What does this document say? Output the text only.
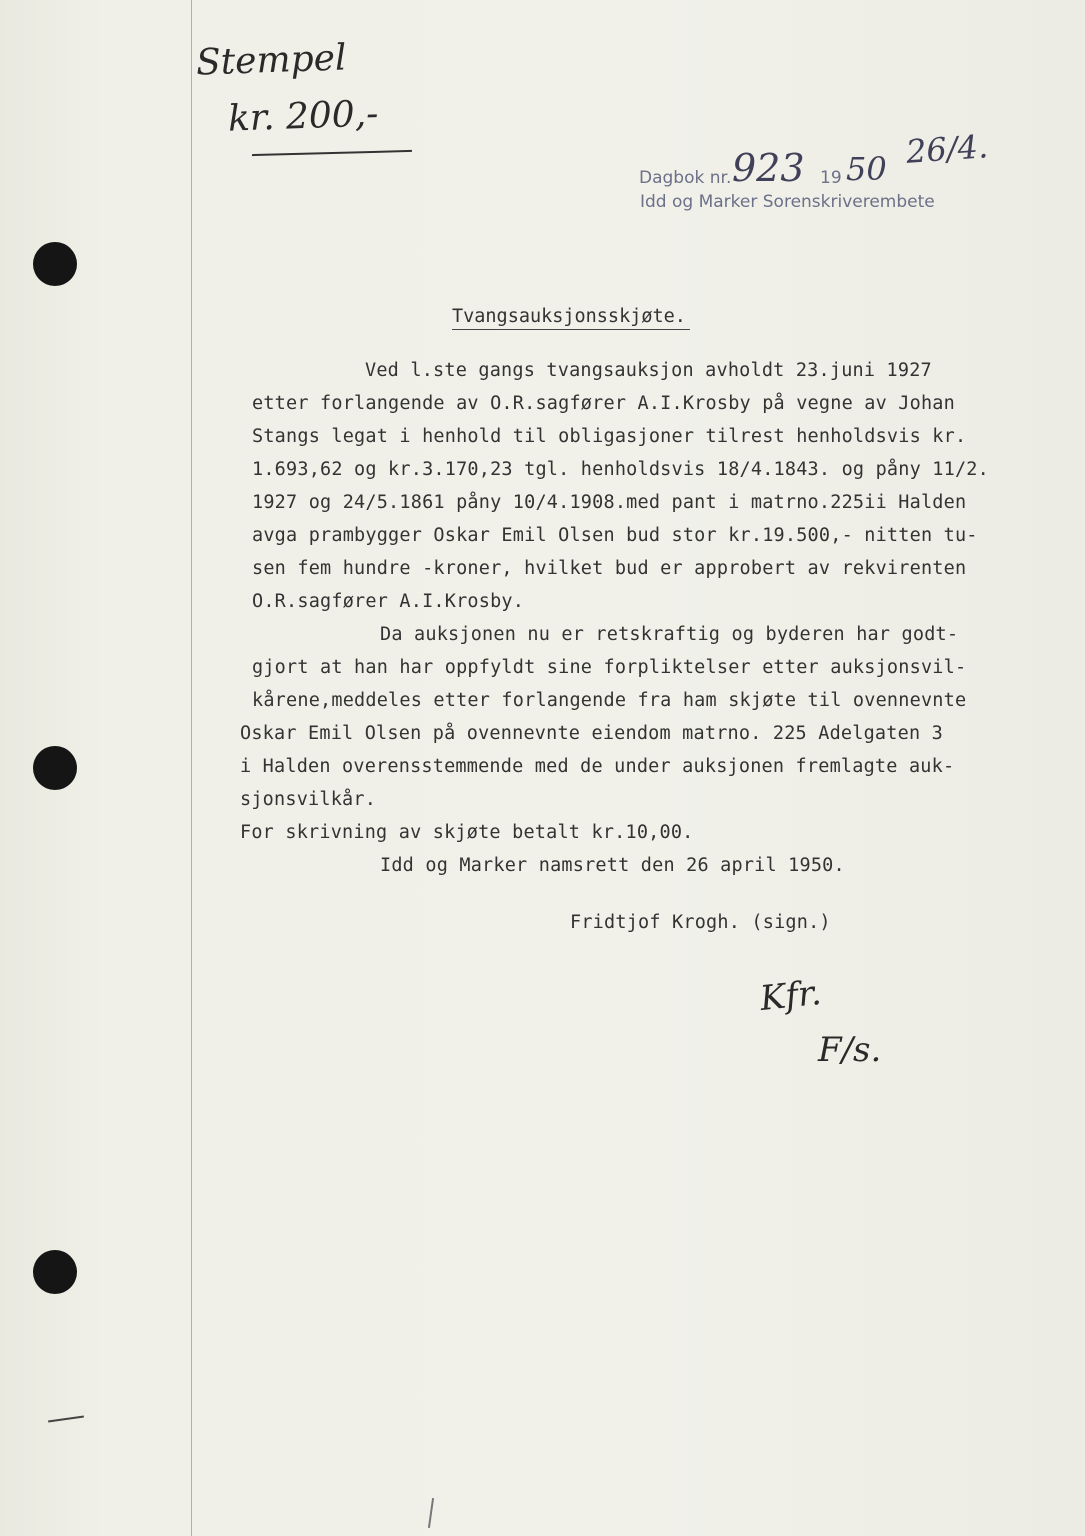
Stempel
kr. 200,-
Dagbok nr. 923 19 50 26/4.
Idd og Marker Sorenskriverembete
Tvangsauksjonsskjøte.
Ved l.ste gangs tvangsauksjon avholdt 23.juni 1927
etter forlangende av O.R.sagfører A.I.Krosby på vegne av Johan
Stangs legat i henhold til obligasjoner tilrest henholdsvis kr.
1.693,62 og kr.3.170,23 tgl. henholdsvis 18/4.1843. og påny 11/2.
1927 og 24/5.1861 påny 10/4.1908.med pant i matrno.225ii Halden
avga prambygger Oskar Emil Olsen bud stor kr.19.500,- nitten tu-
sen fem hundre -kroner, hvilket bud er approbert av rekvirenten
O.R.sagfører A.I.Krosby.
Da auksjonen nu er retskraftig og byderen har godt-
gjort at han har oppfyldt sine forpliktelser etter auksjonsvil-
kårene,meddeles etter forlangende fra ham skjøte til ovennevnte
Oskar Emil Olsen på ovennevnte eiendom matrno. 225 Adelgaten 3
i Halden overensstemmende med de under auksjonen fremlagte auk-
sjonsvilkår.
For skrivning av skjøte betalt kr.10,00.
Idd og Marker namsrett den 26 april 1950.
Fridtjof Krogh. (sign.)
Kfr.
F/s.
